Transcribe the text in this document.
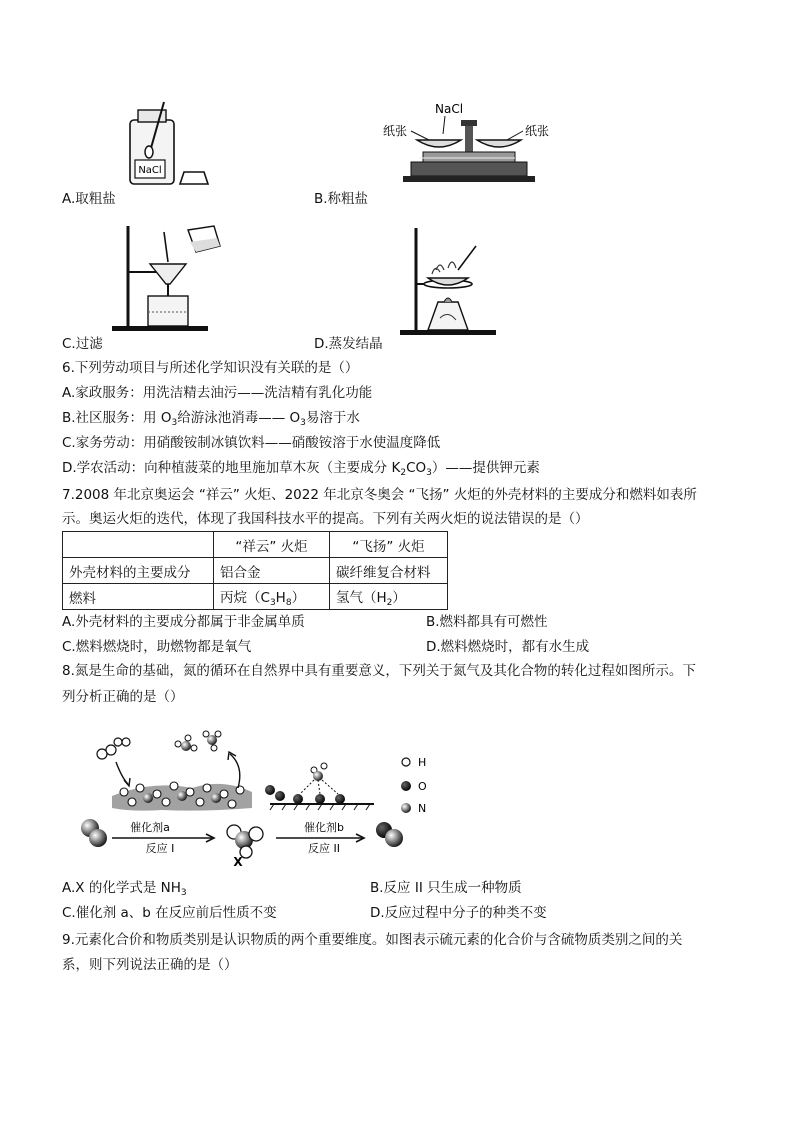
NaCl
A.取粗盐
NaCl
纸张	纸张
B.称粗盐
C.过滤	D.蒸发结晶
6.下列劳动项目与所述化学知识没有关联的是（）
A.家政服务：用洗洁精去油污——洗洁精有乳化功能
B.社区服务：用 $O_3$给游泳池消毒—— $O_3$易溶于水
C.家务劳动：用硝酸铵制冰镇饮料——硝酸铵溶于水使温度降低
D.学农活动：向种植菠菜的地里施加草木灰（主要成分 $K_2CO_3)——$提供钾元素
7.2008 年北京奥运会 “祥云” 火炬、2022 年北京冬奥会 “飞扬” 火炬的外壳材料的主要成分和燃料如表所
示。奥运火炬的迭代，体现了我国科技水平的提高。下列有关两火炬的说法错误的是（）
	“祥云” 火炬	“飞扬” 火炬
外壳材料的主要成分	铝合金	碳纤维复合材料
燃料	丙烷$(C_3H_8)$	氢气$(H_2)$
A.外壳材料的主要成分都属于非金属单质	B.燃料都具有可燃性
C.燃料燃烧时，助燃物都是氧气	D.燃料燃烧时，都有水生成
8.氮是生命的基础，氮的循环在自然界中具有重要意义，下列关于氮气及其化合物的转化过程如图所示。下
列分析正确的是（）
催化剂a
反应 I
X
催化剂b
反应 II
H
O
N
A.X 的化学式是 $NH_3$	B.反应 II 只生成一种物质
C.催化剂 a、b 在反应前后性质不变	D.反应过程中分子的种类不变
9.元素化合价和物质类别是认识物质的两个重要维度。如图表示硫元素的化合价与含硫物质类别之间的关
系，则下列说法正确的是（）
